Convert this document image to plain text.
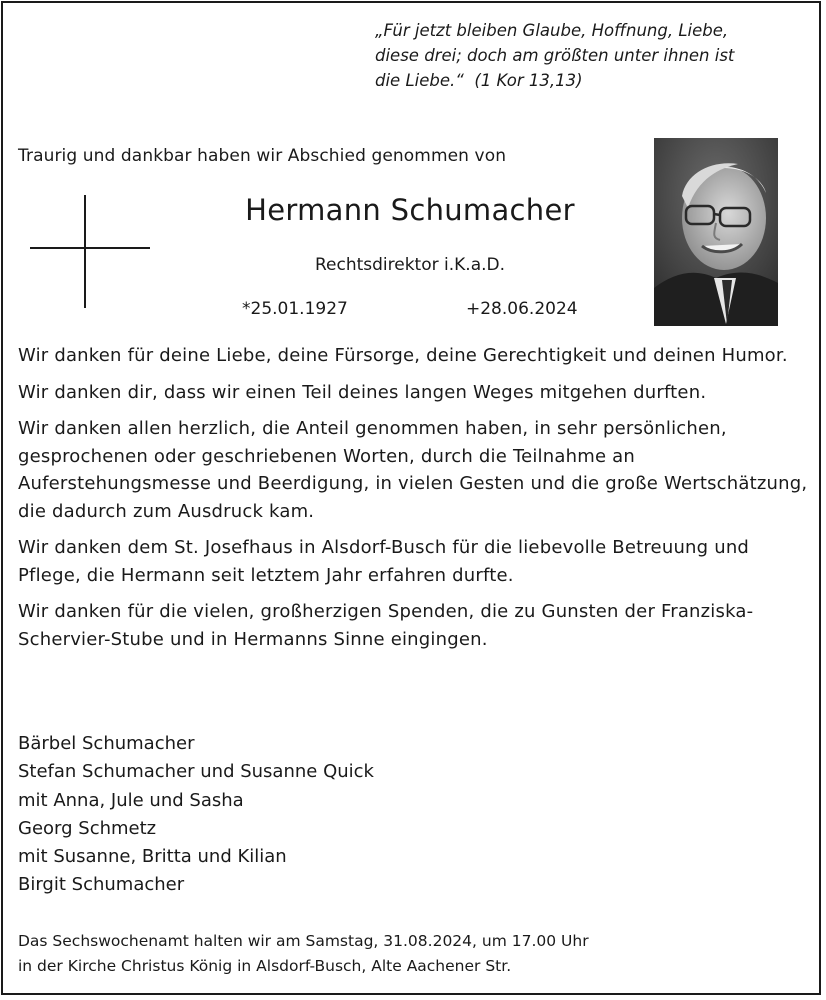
„Für jetzt bleiben Glaube, Hoffnung, Liebe,
diese drei; doch am größten unter ihnen ist
die Liebe.“ (1 Kor 13,13)
Traurig und dankbar haben wir Abschied genommen von
Hermann Schumacher
Rechtsdirektor i.K.a.D.
*25.01.1927	+28.06.2024

Wir danken für deine Liebe, deine Fürsorge, deine Gerechtigkeit und deinen Humor.

Wir danken dir, dass wir einen Teil deines langen Weges mitgehen durften.

Wir danken allen herzlich, die Anteil genommen haben, in sehr persönlichen, gesprochenen oder geschriebenen Worten, durch die Teilnahme an Auferstehungsmesse und Beerdigung, in vielen Gesten und die große Wertschätzung, die dadurch zum Ausdruck kam.

Wir danken dem St. Josefhaus in Alsdorf-Busch für die liebevolle Betreuung und Pflege, die Hermann seit letztem Jahr erfahren durfte.

Wir danken für die vielen, großherzigen Spenden, die zu Gunsten der Franziska-Schervier-Stube und in Hermanns Sinne eingingen.

Bärbel Schumacher
Stefan Schumacher und Susanne Quick
mit Anna, Jule und Sasha
Georg Schmetz
mit Susanne, Britta und Kilian
Birgit Schumacher
Das Sechswochenamt halten wir am Samstag, 31.08.2024, um 17.00 Uhr
in der Kirche Christus König in Alsdorf-Busch, Alte Aachener Str.
